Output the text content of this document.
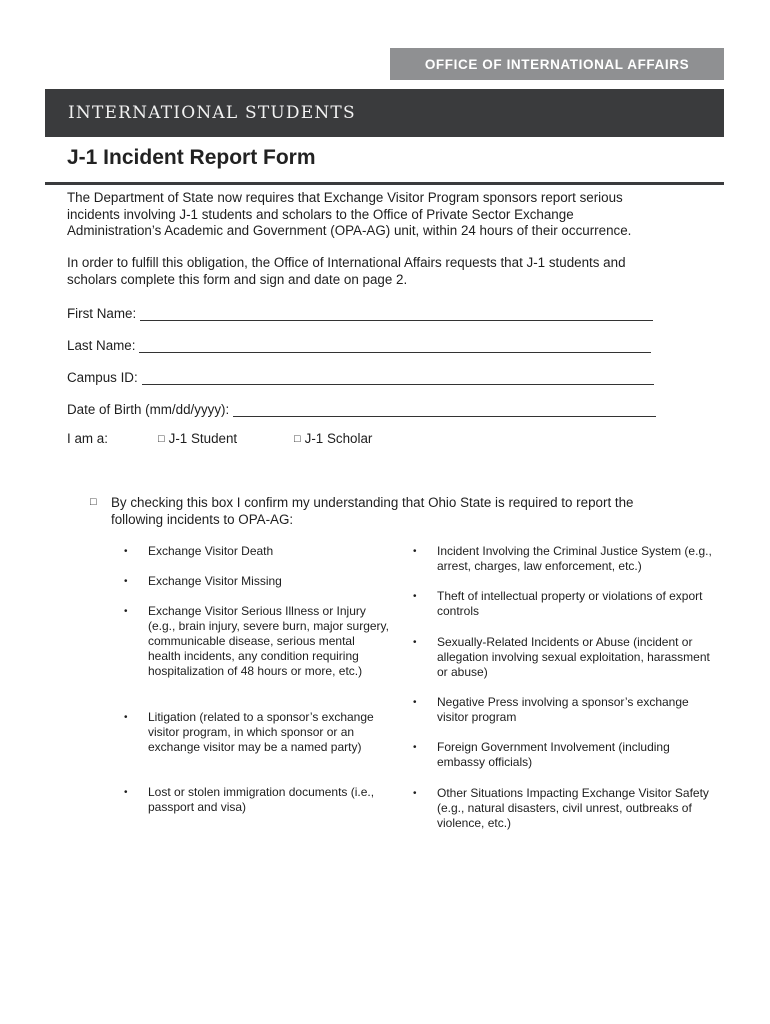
OFFICE OF INTERNATIONAL AFFAIRS
INTERNATIONAL STUDENTS
J-1 Incident Report Form

The Department of State now requires that Exchange Visitor Program sponsors report serious incidents involving J-1 students and scholars to the Office of Private Sector Exchange Administration’s Academic and Government (OPA-AG) unit, within 24 hours of their occurrence.

In order to fulfill this obligation, the Office of International Affairs requests that J-1 students and scholars complete this form and sign and date on page 2.

First Name:
Last Name:
Campus ID:
Date of Birth (mm/dd/yyyy):
I am a:	□ J-1 Student	□ J-1 Scholar
□	By checking this box I confirm my understanding that Ohio State is required to report the following incidents to OPA-AG:
•	Exchange Visitor Death
•	Exchange Visitor Missing
•	Exchange Visitor Serious Illness or Injury (e.g., brain injury, severe burn, major surgery, communicable disease, serious mental health incidents, any condition requiring hospitalization of 48 hours or more, etc.)
•	Litigation (related to a sponsor’s exchange visitor program, in which sponsor or an exchange visitor may be a named party)
•	Lost or stolen immigration documents (i.e., passport and visa)
•	Incident Involving the Criminal Justice System (e.g., arrest, charges, law enforcement, etc.)
•	Theft of intellectual property or violations of export controls
•	Sexually-Related Incidents or Abuse (incident or allegation involving sexual exploitation, harassment or abuse)
•	Negative Press involving a sponsor’s exchange visitor program
•	Foreign Government Involvement (including embassy officials)
•	Other Situations Impacting Exchange Visitor Safety (e.g., natural disasters, civil unrest, outbreaks of violence, etc.)
